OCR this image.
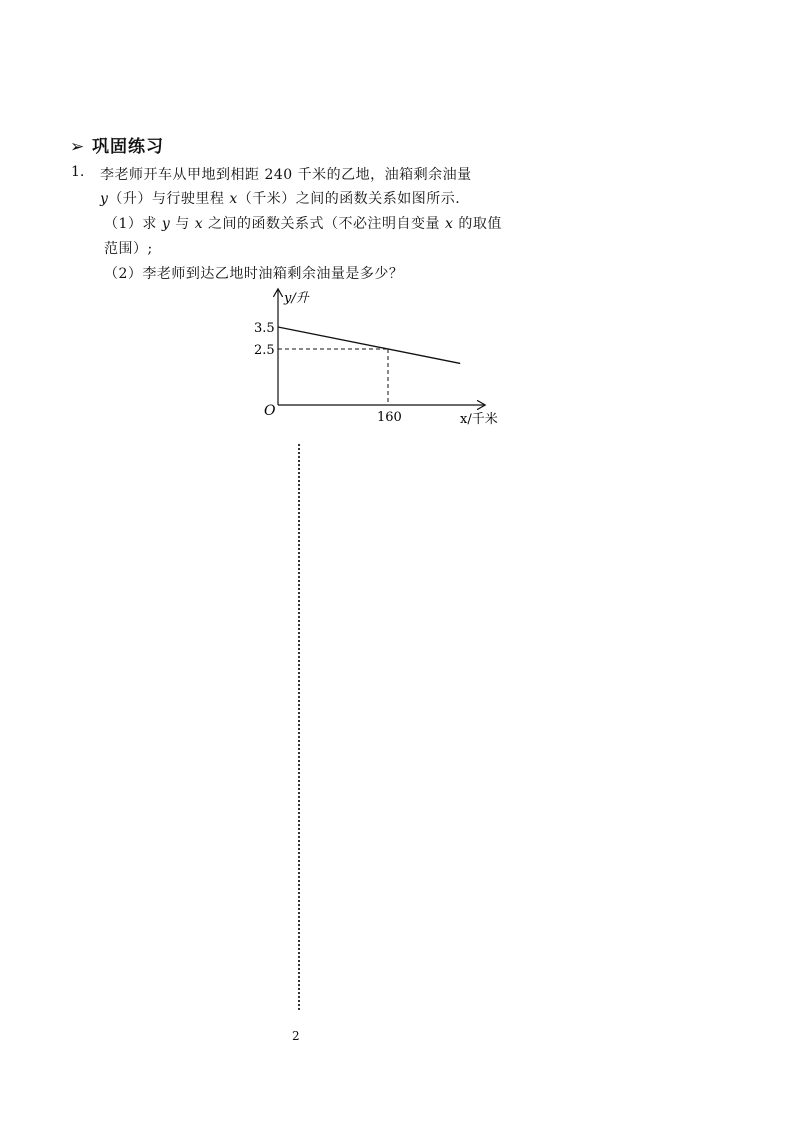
➢ 巩固练习
1. 李老师开车从甲地到相距 240 千米的乙地，油箱剩余油量
y（升）与行驶里程 x（千米）之间的函数关系如图所示.
（1）求 y 与 x 之间的函数关系式（不必注明自变量 x 的取值
范围）;
（2）李老师到达乙地时油箱剩余油量是多少？
y/升
x/千米
O
3.5
2.5
160
2
